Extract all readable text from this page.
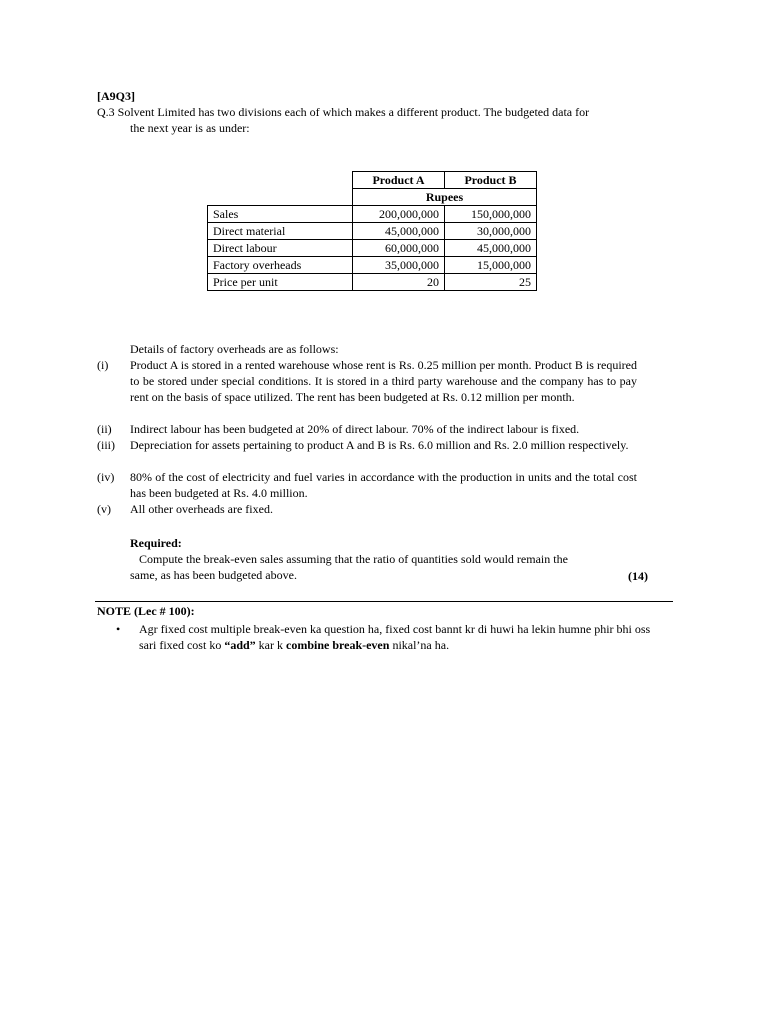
[A9Q3]
Q.3 Solvent Limited has two divisions each of which makes a different product. The budgeted data for
the next year is as under:
	Product A	Product B
	Rupees	
Sales	200,000,000	150,000,000
Direct material	45,000,000	30,000,000
Direct labour	60,000,000	45,000,000
Factory overheads	35,000,000	15,000,000
Price per unit	20	25
Details of factory overheads are as follows:
(i) Product A is stored in a rented warehouse whose rent is Rs. 0.25 million per month. Product B is required to be stored under special conditions. It is stored in a third party warehouse and the company has to pay rent on the basis of space utilized. The rent has been budgeted at Rs. 0.12 million per month.
(ii) Indirect labour has been budgeted at 20% of direct labour. 70% of the indirect labour is fixed.
(iii) Depreciation for assets pertaining to product A and B is Rs. 6.0 million and Rs. 2.0 million respectively.
(iv) 80% of the cost of electricity and fuel varies in accordance with the production in units and the total cost has been budgeted at Rs. 4.0 million.
(v) All other overheads are fixed.
Required:
Compute the break-even sales assuming that the ratio of quantities sold would remain the
same, as has been budgeted above.	(14)
NOTE (Lec # 100):
• Agr fixed cost multiple break-even ka question ha, fixed cost bannt kr di huwi ha lekin humne phir bhi oss sari fixed cost ko “add” kar k combine break-even nikal’na ha.
